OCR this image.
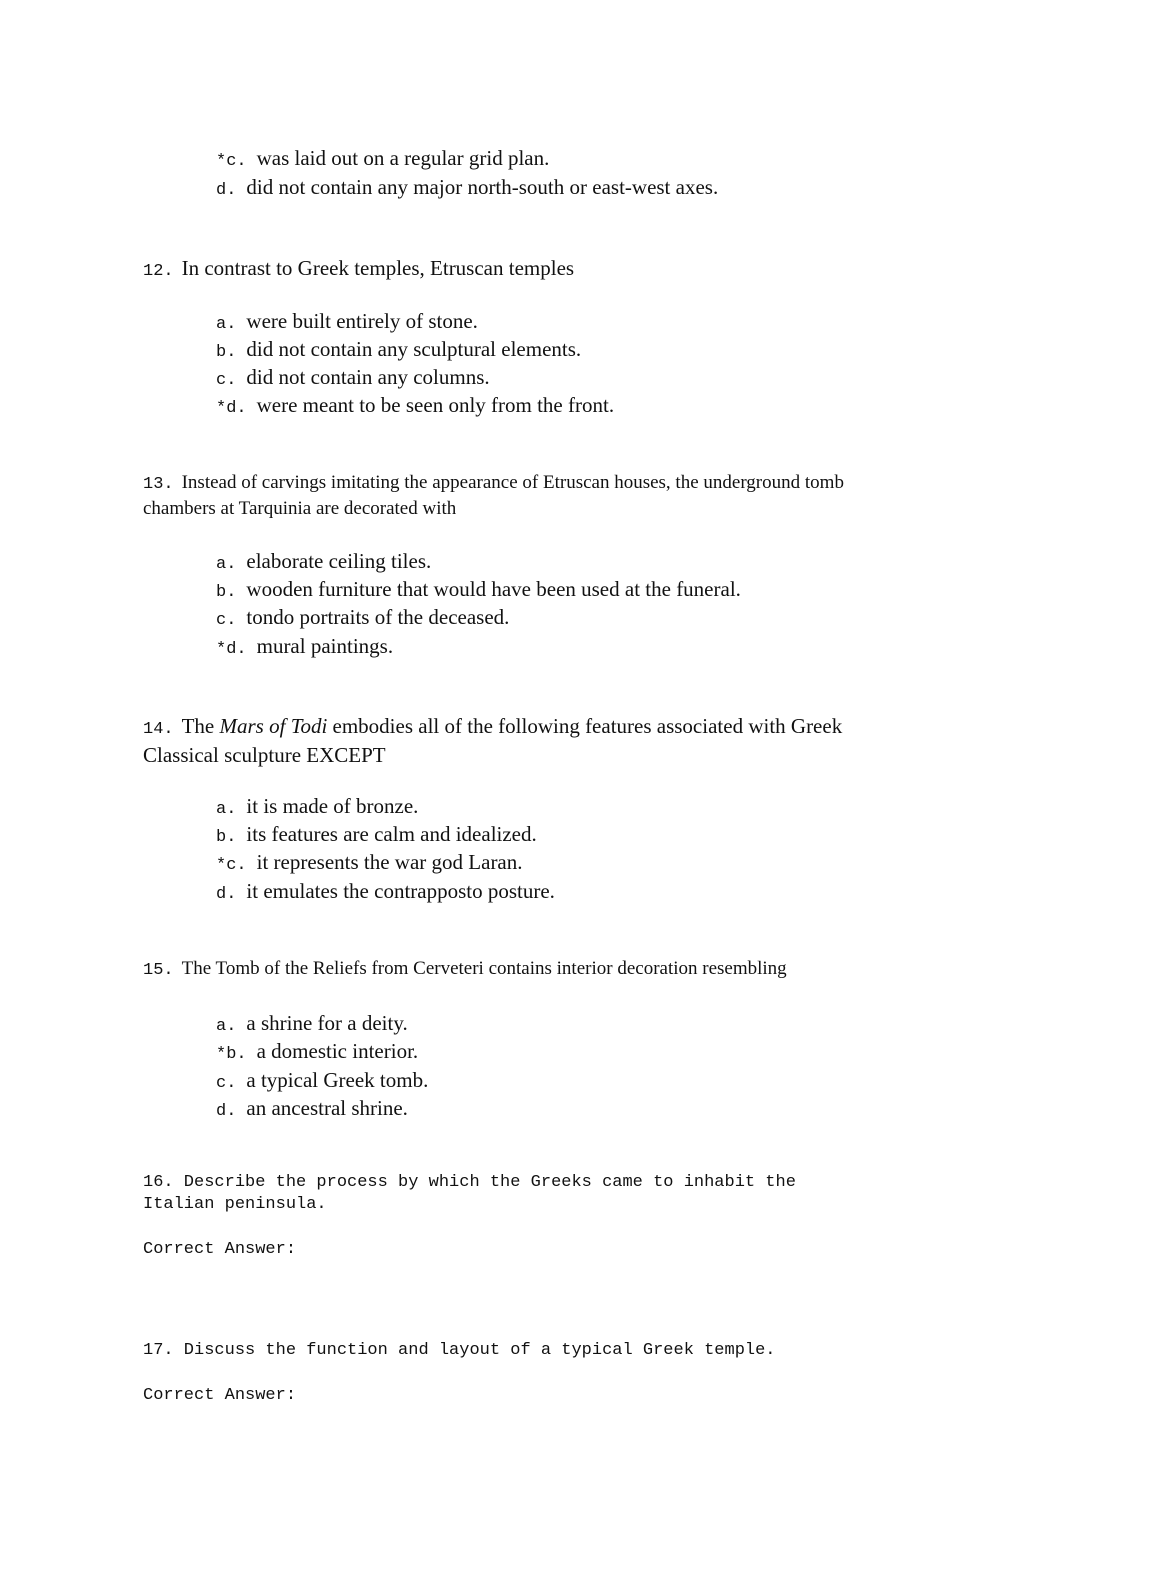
*c. was laid out on a regular grid plan.
d. did not contain any major north-south or east-west axes.
12. In contrast to Greek temples, Etruscan temples
a. were built entirely of stone.
b. did not contain any sculptural elements.
c. did not contain any columns.
*d. were meant to be seen only from the front.
13. Instead of carvings imitating the appearance of Etruscan houses, the underground tomb
chambers at Tarquinia are decorated with
a. elaborate ceiling tiles.
b. wooden furniture that would have been used at the funeral.
c. tondo portraits of the deceased.
*d. mural paintings.
14. The Mars of Todi embodies all of the following features associated with Greek
Classical sculpture EXCEPT
a. it is made of bronze.
b. its features are calm and idealized.
*c. it represents the war god Laran.
d. it emulates the contrapposto posture.
15. The Tomb of the Reliefs from Cerveteri contains interior decoration resembling
a. a shrine for a deity.
*b. a domestic interior.
c. a typical Greek tomb.
d. an ancestral shrine.
16. Describe the process by which the Greeks came to inhabit the
Italian peninsula.
Correct Answer:
17. Discuss the function and layout of a typical Greek temple.
Correct Answer:
